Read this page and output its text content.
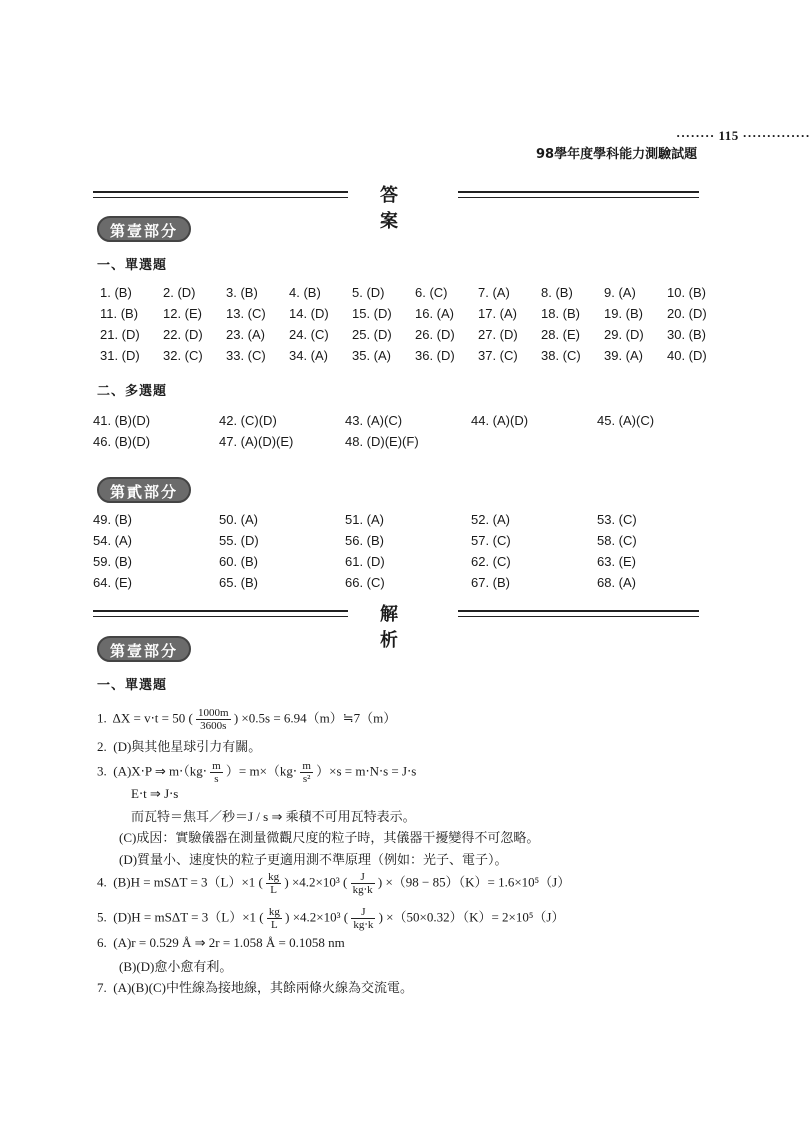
········ 115 ··············
98學年度學科能力測驗試題
答　案
第壹部分
一、單選題
1. (B) 2. (D) 3. (B) 4. (B) 5. (D) 6. (C) 7. (A) 8. (B) 9. (A) 10. (B)
11. (B) 12. (E) 13. (C) 14. (D) 15. (D) 16. (A) 17. (A) 18. (B) 19. (B) 20. (D)
21. (D) 22. (D) 23. (A) 24. (C) 25. (D) 26. (D) 27. (D) 28. (E) 29. (D) 30. (B)
31. (D) 32. (C) 33. (C) 34. (A) 35. (A) 36. (D) 37. (C) 38. (C) 39. (A) 40. (D)
二、多選題
41. (B)(D)	42. (C)(D)	43. (A)(C)	44. (A)(D)	45. (A)(C)
46. (B)(D)	47. (A)(D)(E)	48. (D)(E)(F)
第貳部分
49. (B)	50. (A)	51. (A)	52. (A)	53. (C)
54. (A)	55. (D)	56. (B)	57. (C)	58. (C)
59. (B)	60. (B)	61. (D)	62. (C)	63. (E)
64. (E)	65. (B)	66. (C)	67. (B)	68. (A)
解　析
第壹部分
一、單選題
1. ΔX = v‧t = 50 ( $\frac{1000m}{3600s}$ ) ×0.5s = 6.94（m）≒7（m）
2. (D)與其他星球引力有關。
3. (A)X‧P ⇒ m‧（kg‧ $\frac{m}{s}$ ）= m×（kg‧ $\frac{m}{\text{s²}} )\times s$ = m‧N‧s = J‧s
E‧t ⇒ J‧s
而瓦特＝焦耳／秒＝J / s ⇒ 乘積不可用瓦特表示。
(C)成因：實驗儀器在測量微觀尺度的粒子時，其儀器干擾變得不可忽略。
(D)質量小、速度快的粒子更適用測不準原理（例如：光子、電子）。
4. (B)H = mSΔT = 3（L）×1 ( $\frac{kg}{L}$ ) ×4.2×10³ ( $\frac{J}{kg‧k}$ ) ×（98 − 85）（K）= 1.6×10⁵（J）
5. (D)H = mSΔT = 3（L）×1 ( $\frac{kg}{L}$ ) ×4.2×10³ ( $\frac{J}{kg‧k}$ ) ×（50×0.32）（K）= 2×10⁵（J）
6. (A)r = 0.529 Å ⇒ 2r = 1.058 Å = 0.1058 nm
(B)(D)愈小愈有利。
7. (A)(B)(C)中性線為接地線，其餘兩條火線為交流電。
